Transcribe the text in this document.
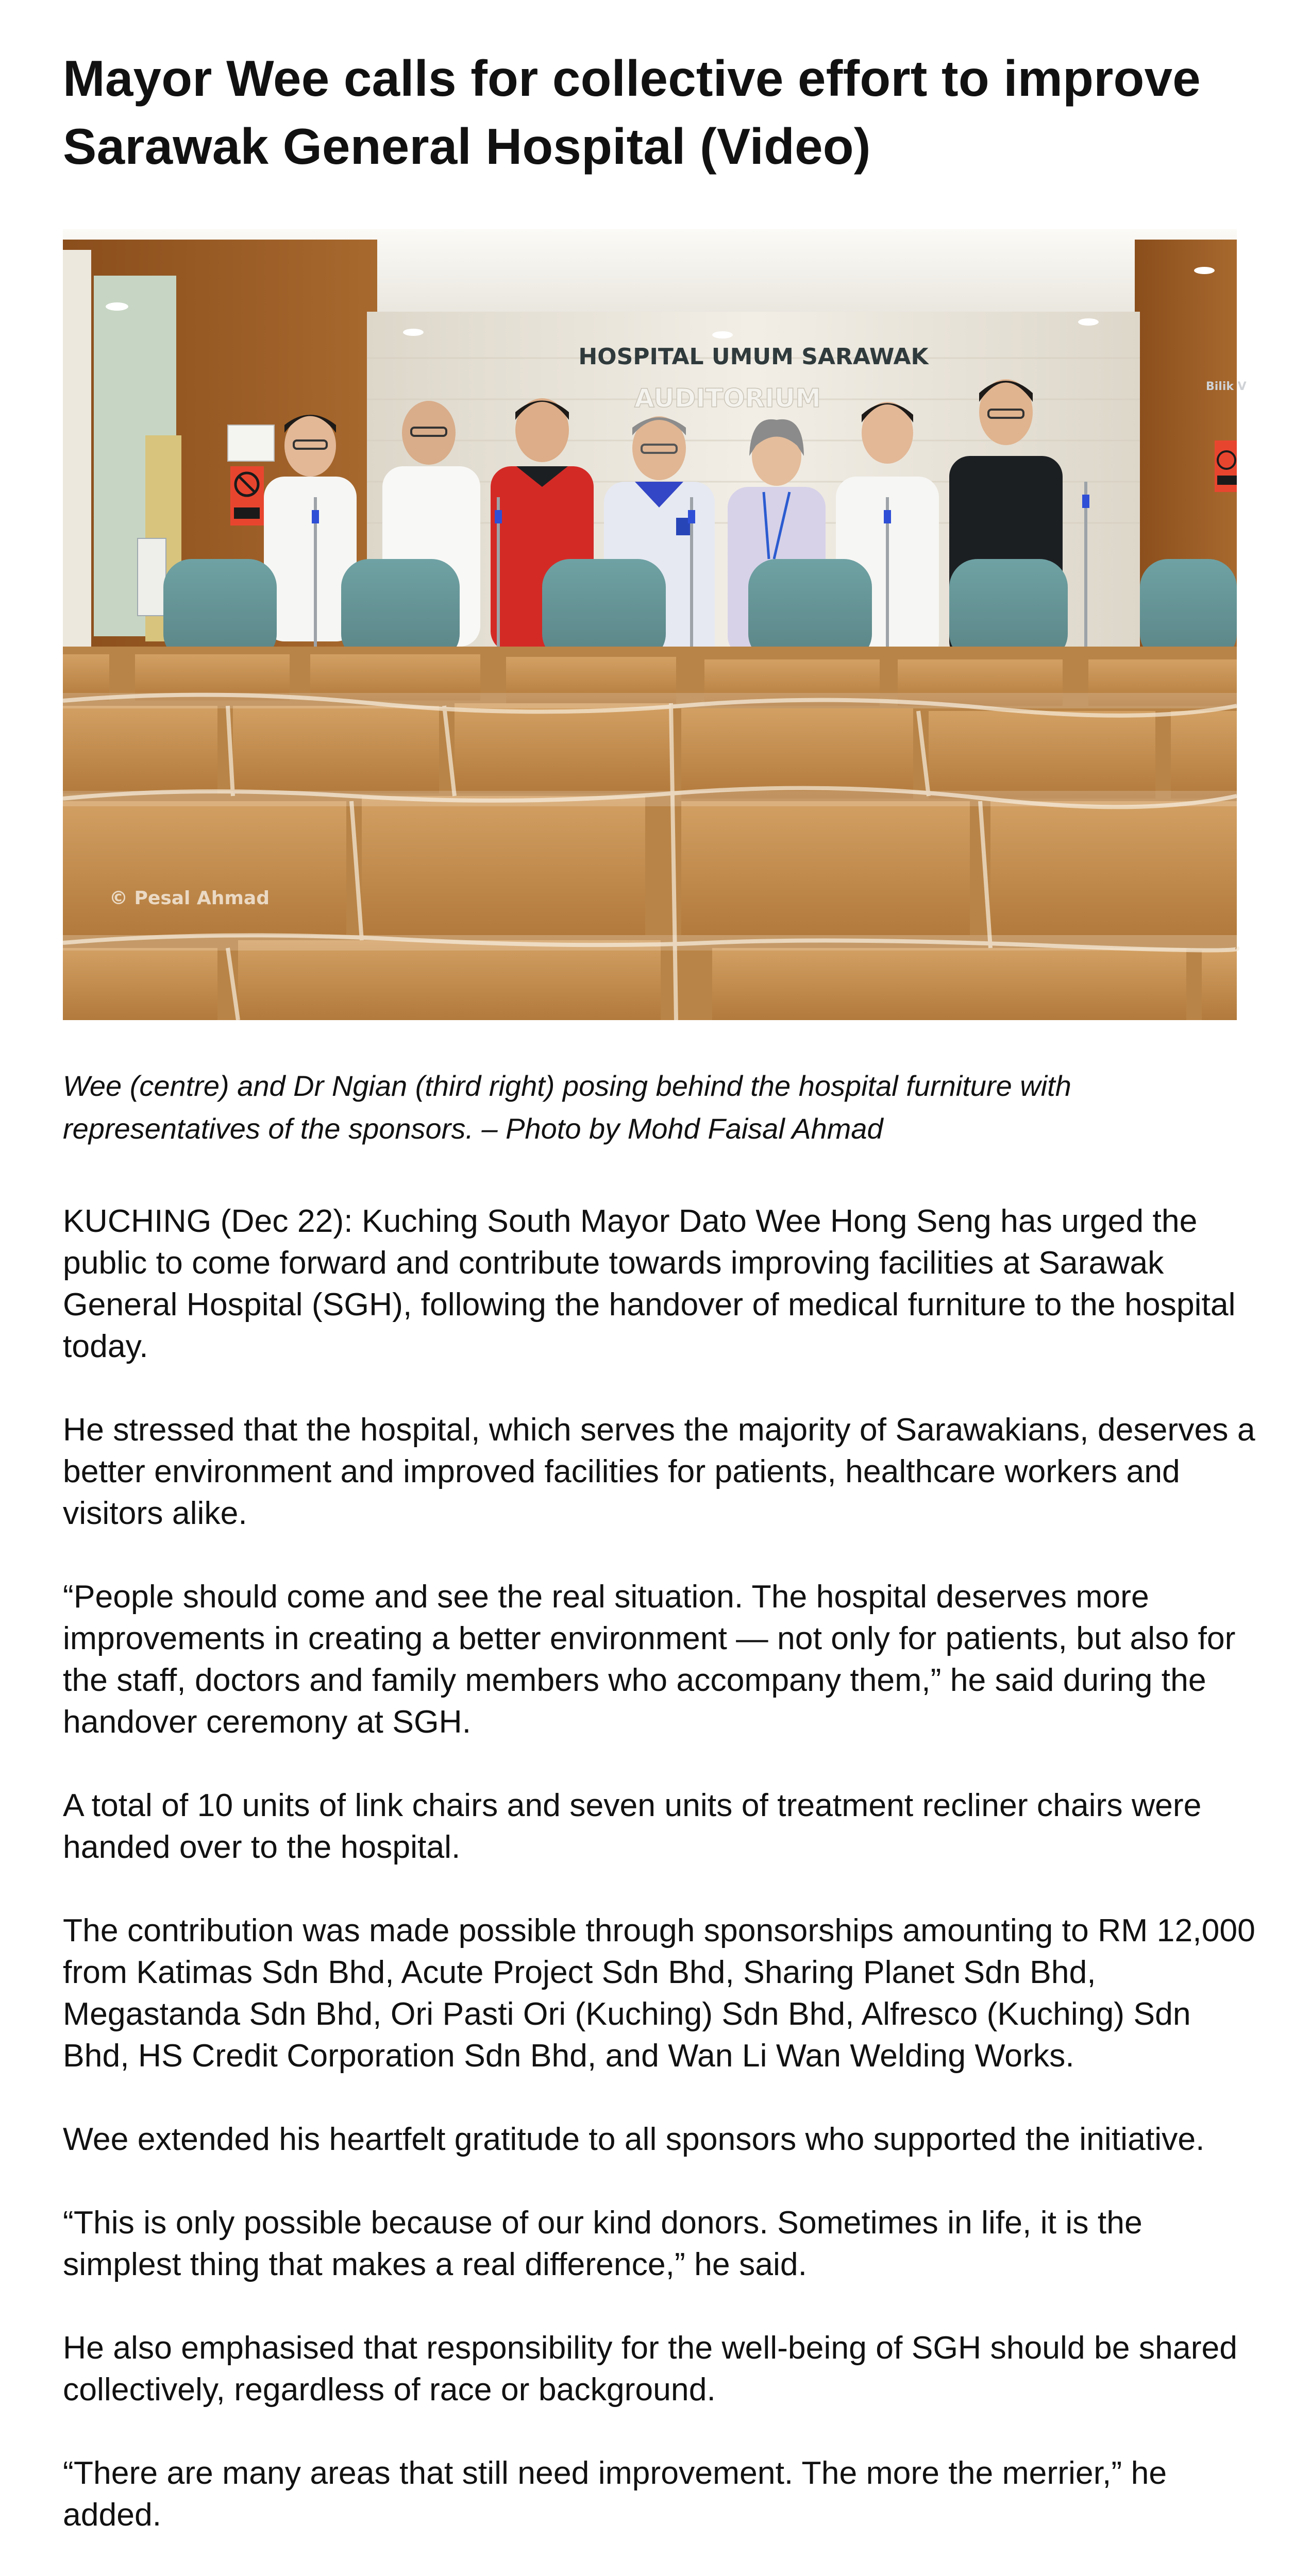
Mayor Wee calls for collective effort to improve Sarawak General Hospital (Video)
HOSPITAL UMUM SARAWAK
AUDITORIUM	Bilik V
© Pesal Ahmad

Wee (centre) and Dr Ngian (third right) posing behind the hospital furniture with representatives of the sponsors. – Photo by Mohd Faisal Ahmad

KUCHING (Dec 22): Kuching South Mayor Dato Wee Hong Seng has urged the public to come forward and contribute towards improving facilities at Sarawak General Hospital (SGH), following the handover of medical furniture to the hospital today.

He stressed that the hospital, which serves the majority of Sarawakians, deserves a better environment and improved facilities for patients, healthcare workers and visitors alike.

“People should come and see the real situation. The hospital deserves more improvements in creating a better environment — not only for patients, but also for the staff, doctors and family members who accompany them,” he said during the handover ceremony at SGH.

A total of 10 units of link chairs and seven units of treatment recliner chairs were handed over to the hospital.

The contribution was made possible through sponsorships amounting to RM 12,000 from Katimas Sdn Bhd, Acute Project Sdn Bhd, Sharing Planet Sdn Bhd, Megastanda Sdn Bhd, Ori Pasti Ori (Kuching) Sdn Bhd, Alfresco (Kuching) Sdn Bhd, HS Credit Corporation Sdn Bhd, and Wan Li Wan Welding Works.

Wee extended his heartfelt gratitude to all sponsors who supported the initiative.

“This is only possible because of our kind donors. Sometimes in life, it is the simplest thing that makes a real difference,” he said.

He also emphasised that responsibility for the well-being of SGH should be shared collectively, regardless of race or background.

“There are many areas that still need improvement. The more the merrier,” he added.
